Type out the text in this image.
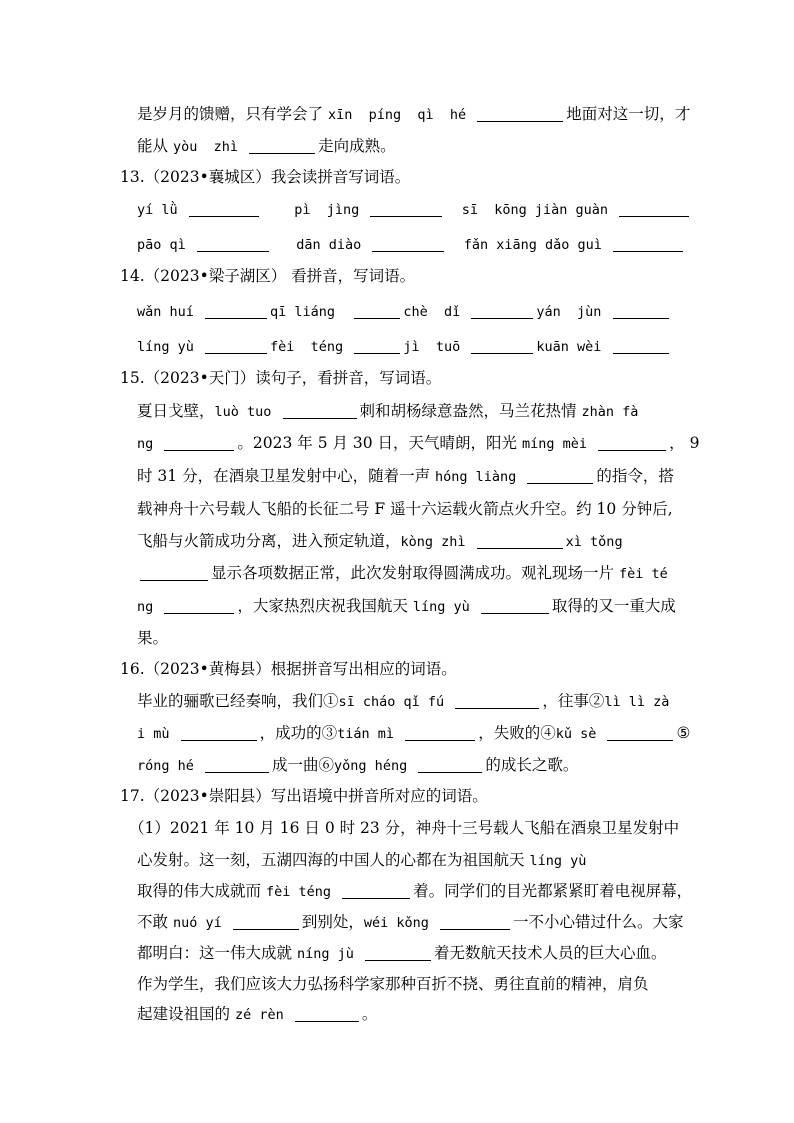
是岁月的馈赠，只有学会了 xīn  píng  qì  hé	地面对这一切，才
能从 yòu  zhì	走向成熟。
13.（2023•襄城区）我会读拼音写词语。
yí lǜ	pì  jìng	sī  kōng jiàn guàn
pāo qì	dān diào	fǎn xiāng dǎo guì
14.（2023•梁子湖区） 看拼音，写词语。
wǎn huí	qī liáng	chè  dǐ	yán  jùn
líng yù	fèi  téng	jì  tuō	kuān wèi
15.（2023•天门）读句子，看拼音，写词语。
夏日戈壁，luò tuo	刺和胡杨绿意盎然，马兰花热情 zhàn fà
ng	。2023 年 5 月 30 日，天气晴朗，阳光 míng mèi	， 9
时 31 分，在酒泉卫星发射中心，随着一声 hóng liàng	的指令，搭
载神舟十六号载人飞船的长征二号 F 遥十六运载火箭点火升空。约 10 分钟后,
飞船与火箭成功分离，进入预定轨道，kòng zhì	xì tǒng
显示各项数据正常，此次发射取得圆满成功。观礼现场一片 fèi té
ng	，大家热烈庆祝我国航天 líng yù	取得的又一重大成
果。
16.（2023•黄梅县）根据拼音写出相应的词语。
毕业的骊歌已经奏响，我们①sī cháo qǐ fú	，往事②lì lì zà
i mù	，成功的③tián mì	，失败的④kǔ sè	⑤
róng hé	成一曲⑥yǒng héng	的成长之歌。
17.（2023•崇阳县）写出语境中拼音所对应的词语。
（1）2021 年 10 月 16 日 0 时 23 分，神舟十三号载人飞船在酒泉卫星发射中
心发射。这一刻，五湖四海的中国人的心都在为祖国航天 líng yù
取得的伟大成就而 fèi téng	着。同学们的目光都紧紧盯着电视屏幕，
不敢 nuó yí	到别处，wéi kǒng	一不小心错过什么。大家
都明白：这一伟大成就 níng jù	着无数航天技术人员的巨大心血。
作为学生，我们应该大力弘扬科学家那种百折不挠、勇往直前的精神，肩负
起建设祖国的 zé rèn	。
